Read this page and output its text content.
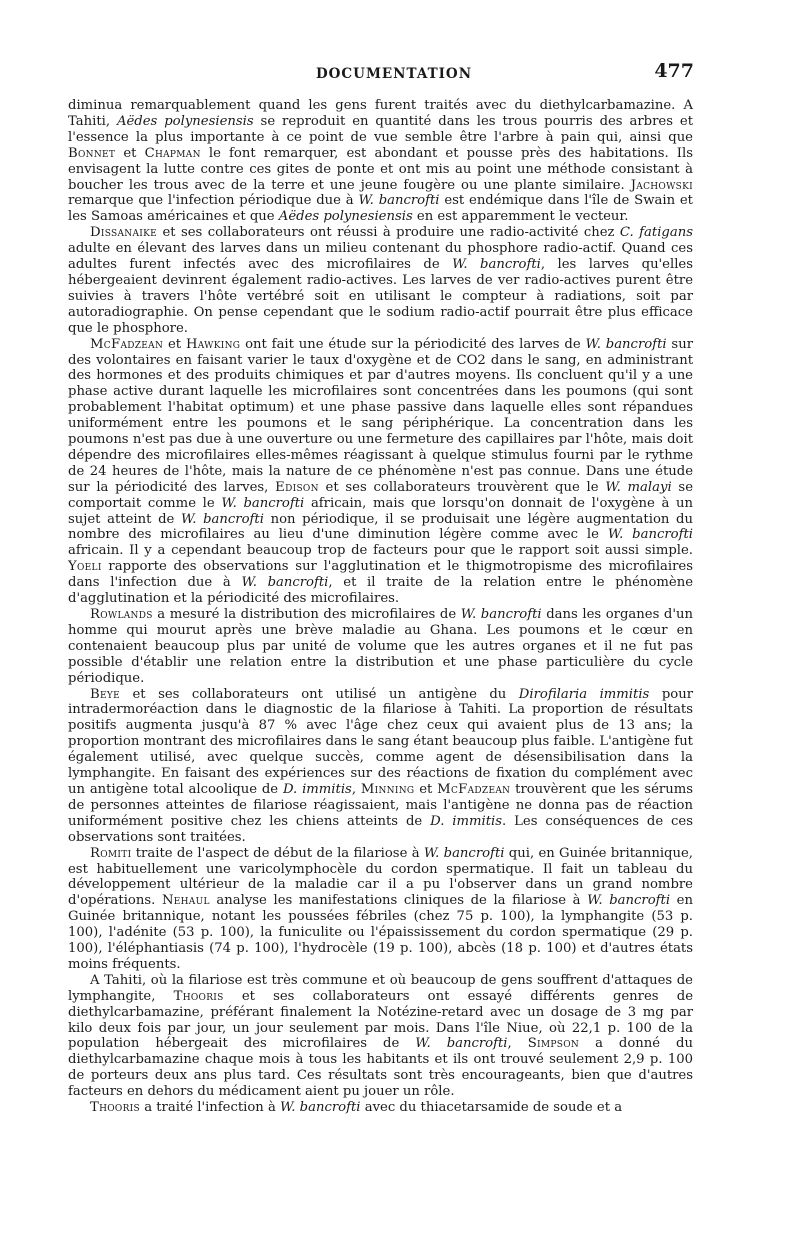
DOCUMENTATION	477

diminua remarquablement quand les gens furent traités avec du diethylcarbamazine. A Tahiti, Aëdes polynesiensis se reproduit en quantité dans les trous pourris des arbres et l'essence la plus importante à ce point de vue semble être l'arbre à pain qui, ainsi que Bonnet et Chapman le font remarquer, est abondant et pousse près des habitations. Ils envisagent la lutte contre ces gites de ponte et ont mis au point une méthode consistant à boucher les trous avec de la terre et une jeune fougère ou une plante similaire. Jachowski remarque que l'infection périodique due à W. bancrofti est endémique dans l'île de Swain et les Samoas américaines et que Aëdes polynesiensis en est apparemment le vecteur.

Dissanaike et ses collaborateurs ont réussi à produire une radio-activité chez C. fatigans adulte en élevant des larves dans un milieu contenant du phosphore radio-actif. Quand ces adultes furent infectés avec des microfilaires de W. bancrofti, les larves qu'elles hébergeaient devinrent également radio-actives. Les larves de ver radio-actives purent être suivies à travers l'hôte vertébré soit en utilisant le compteur à radiations, soit par autoradiographie. On pense cependant que le sodium radio-actif pourrait être plus efficace que le phosphore.

McFadzean et Hawking ont fait une étude sur la périodicité des larves de W. bancrofti sur des volontaires en faisant varier le taux d'oxygène et de CO2 dans le sang, en administrant des hormones et des produits chimiques et par d'autres moyens. Ils concluent qu'il y a une phase active durant laquelle les microfilaires sont concentrées dans les poumons (qui sont probablement l'habitat optimum) et une phase passive dans laquelle elles sont répandues uniformément entre les poumons et le sang périphérique. La concentration dans les poumons n'est pas due à une ouverture ou une fermeture des capillaires par l'hôte, mais doit dépendre des microfilaires elles-mêmes réagissant à quelque stimulus fourni par le rythme de 24 heures de l'hôte, mais la nature de ce phénomène n'est pas connue. Dans une étude sur la périodicité des larves, Edison et ses collaborateurs trouvèrent que le W. malayi se comportait comme le W. bancrofti africain, mais que lorsqu'on donnait de l'oxygène à un sujet atteint de W. bancrofti non périodique, il se produisait une légère augmentation du nombre des microfilaires au lieu d'une diminution légère comme avec le W. bancrofti africain. Il y a cependant beaucoup trop de facteurs pour que le rapport soit aussi simple. Yoeli rapporte des observations sur l'agglutination et le thigmotropisme des microfilaires dans l'infection due à W. bancrofti, et il traite de la relation entre le phénomène d'agglutination et la périodicité des microfilaires.

Rowlands a mesuré la distribution des microfilaires de W. bancrofti dans les organes d'un homme qui mourut après une brève maladie au Ghana. Les poumons et le cœur en contenaient beaucoup plus par unité de volume que les autres organes et il ne fut pas possible d'établir une relation entre la distribution et une phase particulière du cycle périodique.

Beye et ses collaborateurs ont utilisé un antigène du Dirofilaria immitis pour intradermoréaction dans le diagnostic de la filariose à Tahiti. La proportion de résultats positifs augmenta jusqu'à 87 % avec l'âge chez ceux qui avaient plus de 13 ans; la proportion montrant des microfilaires dans le sang étant beaucoup plus faible. L'antigène fut également utilisé, avec quelque succès, comme agent de désensibilisation dans la lymphangite. En faisant des expériences sur des réactions de fixation du complément avec un antigène total alcoolique de D. immitis, Minning et McFadzean trouvèrent que les sérums de personnes atteintes de filariose réagissaient, mais l'antigène ne donna pas de réaction uniformément positive chez les chiens atteints de D. immitis. Les conséquences de ces observations sont traitées.

Romiti traite de l'aspect de début de la filariose à W. bancrofti qui, en Guinée britannique, est habituellement une varicolymphocèle du cordon spermatique. Il fait un tableau du développement ultérieur de la maladie car il a pu l'observer dans un grand nombre d'opérations. Nehaul analyse les manifestations cliniques de la filariose à W. bancrofti en Guinée britannique, notant les poussées fébriles (chez 75 p. 100), la lymphangite (53 p. 100), l'adénite (53 p. 100), la funiculite ou l'épaississement du cordon spermatique (29 p. 100), l'éléphantiasis (74 p. 100), l'hydrocèle (19 p. 100), abcès (18 p. 100) et d'autres états moins fréquents.

A Tahiti, où la filariose est très commune et où beaucoup de gens souffrent d'attaques de lymphangite, Thooris et ses collaborateurs ont essayé différents genres de diethylcarbamazine, préférant finalement la Notézine-retard avec un dosage de 3 mg par kilo deux fois par jour, un jour seulement par mois. Dans l'île Niue, où 22,1 p. 100 de la population hébergeait des microfilaires de W. bancrofti, Simpson a donné du diethylcarbamazine chaque mois à tous les habitants et ils ont trouvé seulement 2,9 p. 100 de porteurs deux ans plus tard. Ces résultats sont très encourageants, bien que d'autres facteurs en dehors du médicament aient pu jouer un rôle.

Thooris a traité l'infection à W. bancrofti avec du thiacetarsamide de soude et a
